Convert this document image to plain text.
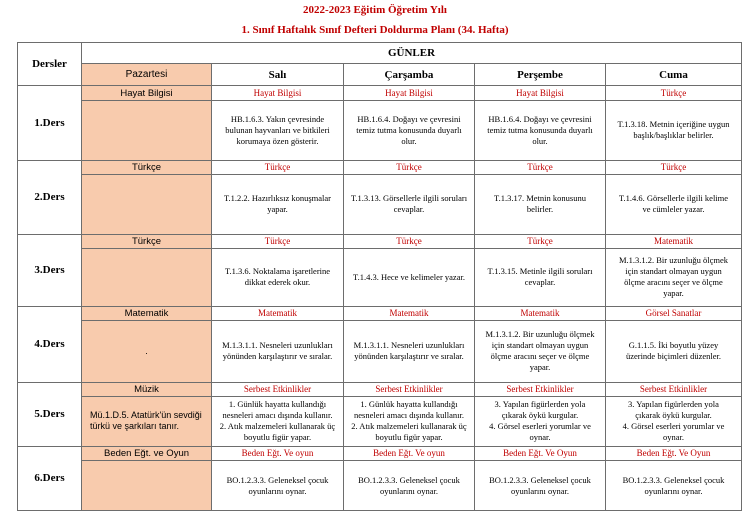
2022-2023 Eğitim Öğretim Yılı
1. Sınıf Haftalık Sınıf Defteri Doldurma Planı (34. Hafta)
Dersler	GÜNLER				
	Pazartesi	Salı	Çarşamba	Perşembe	Cuma
1.Ders	Hayat Bilgisi	Hayat Bilgisi	Hayat Bilgisi	Hayat Bilgisi	Türkçe

		HB.1.6.3. Yakın çevresinde
bulunan hayvanları ve bitkileri
korumaya özen gösterir.	HB.1.6.4. Doğayı ve çevresini
temiz tutma konusunda duyarlı
olur.	HB.1.6.4. Doğayı ve çevresini
temiz tutma konusunda duyarlı
olur.	T.1.3.18. Metnin içeriğine uygun
başlık/başlıklar belirler.

2.Ders	Türkçe	Türkçe	Türkçe	Türkçe	Türkçe

		T.1.2.2. Hazırlıksız konuşmalar
yapar.	T.1.3.13. Görsellerle ilgili soruları
cevaplar.	T.1.3.17. Metnin konusunu
belirler.	T.1.4.6. Görsellerle ilgili kelime
ve cümleler yazar.

3.Ders	Türkçe	Türkçe	Türkçe	Türkçe	Matematik

		T.1.3.6. Noktalama işaretlerine
dikkat ederek okur.	T.1.4.3. Hece ve kelimeler yazar.	T.1.3.15. Metinle ilgili soruları
cevaplar.	M.1.3.1.2. Bir uzunluğu ölçmek
için standart olmayan uygun
ölçme aracını seçer ve ölçme
yapar.

4.Ders	Matematik	Matematik	Matematik	Matematik	Görsel Sanatlar

	.	M.1.3.1.1. Nesneleri uzunlukları
yönünden karşılaştırır ve sıralar.	M.1.3.1.1. Nesneleri uzunlukları
yönünden karşılaştırır ve sıralar.	M.1.3.1.2. Bir uzunluğu ölçmek
için standart olmayan uygun
ölçme aracını seçer ve ölçme
yapar.	G.1.1.5. İki boyutlu yüzey
üzerinde biçimleri düzenler.

5.Ders	Müzik	Serbest Etkinlikler	Serbest Etkinlikler	Serbest Etkinlikler	Serbest Etkinlikler

	Mü.1.D.5. Atatürk'ün sevdiği
türkü ve şarkıları tanır.	1. Günlük hayatta kullandığı
nesneleri amacı dışında kullanır.
2. Atık malzemeleri kullanarak üç
boyutlu figür yapar.	1. Günlük hayatta kullandığı
nesneleri amacı dışında kullanır.
2. Atık malzemeleri kullanarak üç
boyutlu figür yapar.	3. Yapılan figürlerden yola
çıkarak öykü kurgular.
4. Görsel eserleri yorumlar ve
oynar.	3. Yapılan figürlerden yola
çıkarak öykü kurgular.
4. Görsel eserleri yorumlar ve
oynar.

6.Ders	Beden Eğt. ve Oyun	Beden Eğt. Ve oyun	Beden Eğt. Ve oyun	Beden Eğt. Ve Oyun	Beden Eğt. Ve Oyun

		BO.1.2.3.3. Geleneksel çocuk
oyunlarını oynar.	BO.1.2.3.3. Geleneksel çocuk
oyunlarını oynar.	BO.1.2.3.3. Geleneksel çocuk
oyunlarını oynar.	BO.1.2.3.3. Geleneksel çocuk
oyunlarını oynar.
